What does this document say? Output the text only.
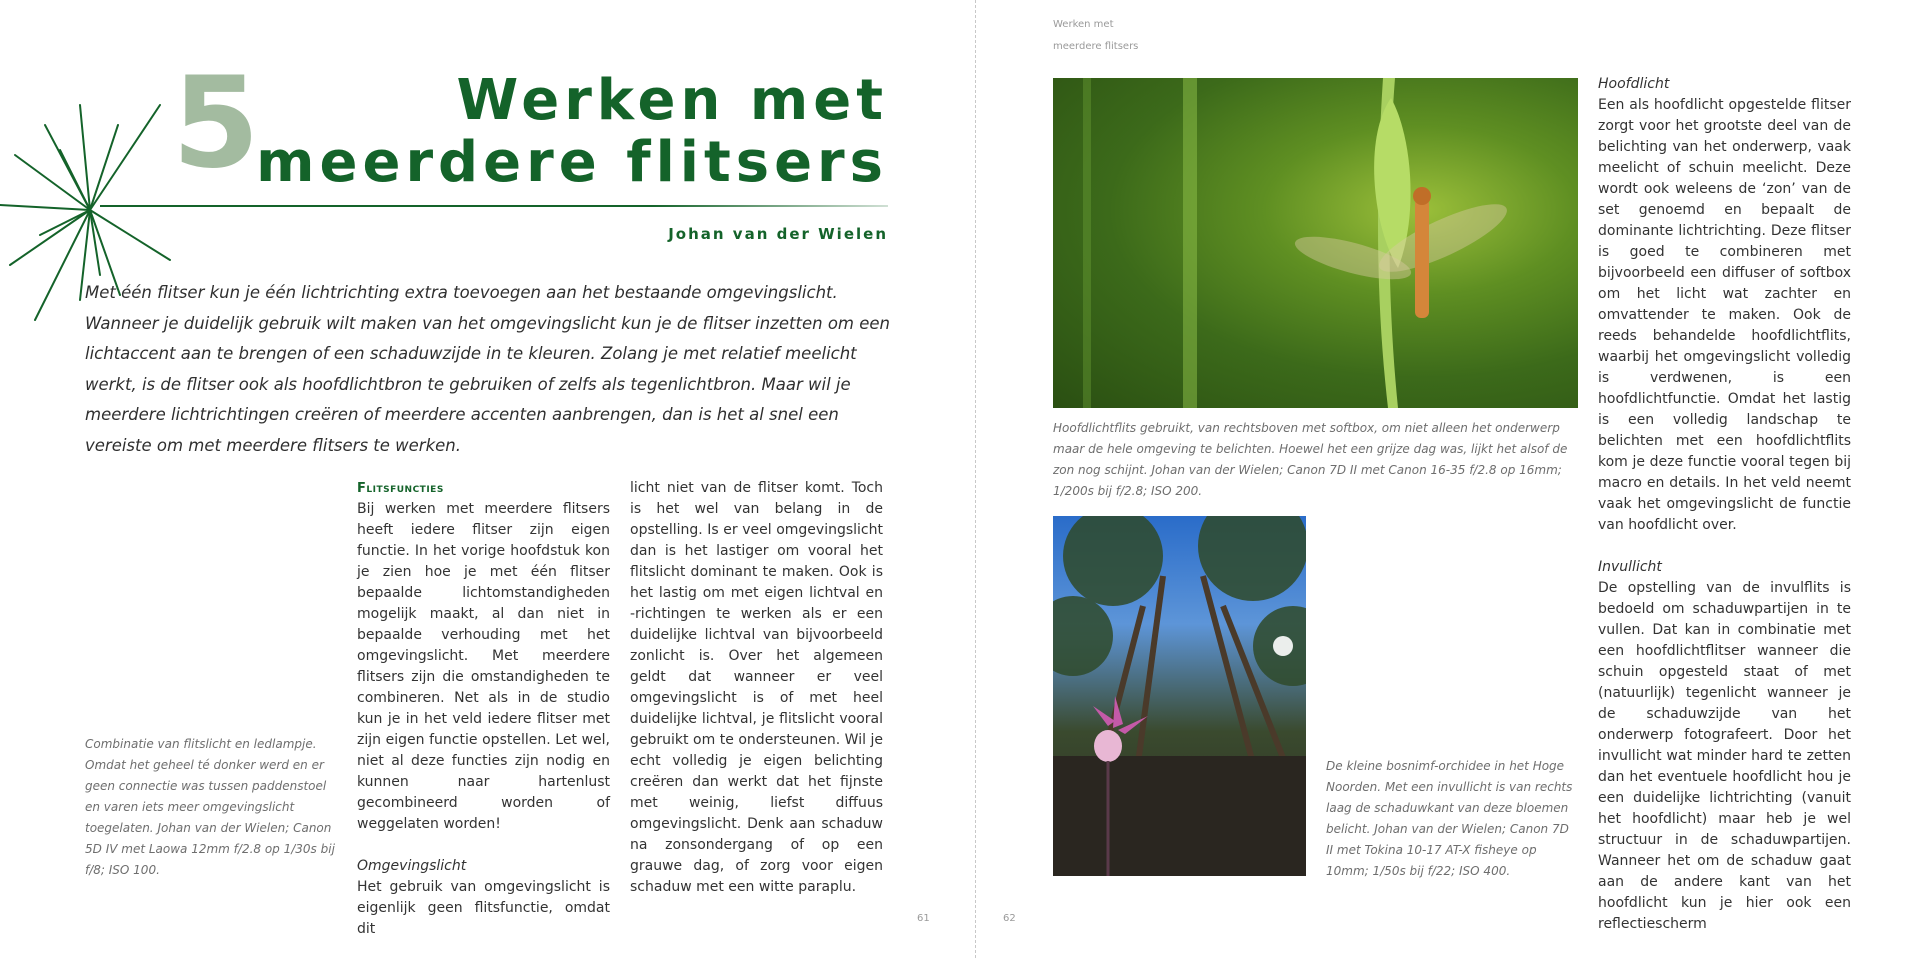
5	Werken met
meerdere flitsers
Johan van der Wielen
Met één flitser kun je één lichtrichting extra toevoegen aan het bestaande omgevingslicht. Wanneer je duidelijk gebruik wilt maken van het omgevingslicht kun je de flitser inzetten om een lichtaccent aan te brengen of een schaduwzijde in te kleuren. Zolang je met relatief meelicht werkt, is de flitser ook als hoofdlichtbron te gebruiken of zelfs als tegenlichtbron. Maar wil je meerdere lichtrichtingen creëren of meerdere accenten aanbrengen, dan is het al snel een vereiste om met meerdere flitsers te werken.
Combinatie van flitslicht en ledlampje. Omdat het geheel té donker werd en er geen connectie was tussen paddenstoel en varen iets meer omgevingslicht toegelaten. Johan van der Wielen; Canon 5D IV met Laowa 12mm f/2.8 op 1/30s bij f/8; ISO 100.
Flitsfuncties

Bij werken met meerdere flitsers heeft iedere flitser zijn eigen functie. In het vorige hoofdstuk kon je zien hoe je met één flitser bepaalde lichtomstandigheden mogelijk maakt, al dan niet in bepaalde verhouding met het omgevingslicht. Met meerdere flitsers zijn die omstandigheden te combineren. Net als in de studio kun je in het veld iedere flitser met zijn eigen functie opstellen. Let wel, niet al deze functies zijn nodig en kunnen naar hartenlust gecombineerd worden of weggelaten worden!

Omgevingslicht

Het gebruik van omgevingslicht is eigenlijk geen flitsfunctie, omdat dit

licht niet van de flitser komt. Toch is het wel van belang in de opstelling. Is er veel omgevingslicht dan is het lastiger om vooral het flitslicht dominant te maken. Ook is het lastig om met eigen lichtval en -richtingen te werken als er een duidelijke lichtval van bijvoorbeeld zonlicht is. Over het algemeen geldt dat wanneer er veel omgevingslicht is of met heel duidelijke lichtval, je flitslicht vooral gebruikt om te ondersteunen. Wil je echt volledig je eigen belichting creëren dan werkt dat het fijnste met weinig, liefst diffuus omgevingslicht. Denk aan schaduw na zonsondergang of op een grauwe dag, of zorg voor eigen schaduw met een witte paraplu.

61
Werken met
meerdere flitsers
Hoofdlichtflits gebruikt, van rechtsboven met softbox, om niet alleen het onderwerp maar de hele omgeving te belichten. Hoewel het een grijze dag was, lijkt het alsof de zon nog schijnt. Johan van der Wielen; Canon 7D II met Canon 16-35 f/2.8 op 16mm; 1/200s bij f/2.8; ISO 200.
De kleine bosnimf-orchidee in het Hoge Noorden. Met een invullicht is van rechts laag de schaduwkant van deze bloemen belicht. Johan van der Wielen; Canon 7D II met Tokina 10-17 AT-X fisheye op 10mm; 1/50s bij f/22; ISO 400.
Hoofdlicht

Een als hoofdlicht opgestelde flitser zorgt voor het grootste deel van de belichting van het onderwerp, vaak meelicht of schuin meelicht. Deze wordt ook weleens de ‘zon’ van de set genoemd en bepaalt de dominante lichtrichting. Deze flitser is goed te combineren met bijvoorbeeld een diffuser of softbox om het licht wat zachter en omvattender te maken. Ook de reeds behandelde hoofdlichtflits, waarbij het omgevingslicht volledig is verdwenen, is een hoofdlichtfunctie. Omdat het lastig is een volledig landschap te belichten met een hoofdlichtflits kom je deze functie vooral tegen bij macro en details. In het veld neemt vaak het omgevingslicht de functie van hoofdlicht over.

Invullicht

De opstelling van de invulflits is bedoeld om schaduwpartijen in te vullen. Dat kan in combinatie met een hoofdlichtflitser wanneer die schuin opgesteld staat of met (natuurlijk) tegenlicht wanneer je de schaduwzijde van het onderwerp fotografeert. Door het invullicht wat minder hard te zetten dan het eventuele hoofdlicht hou je een duidelijke lichtrichting (vanuit het hoofdlicht) maar heb je wel structuur in de schaduwpartijen. Wanneer het om de schaduw gaat aan de andere kant van het hoofdlicht kun je hier ook een reflectiescherm

62
